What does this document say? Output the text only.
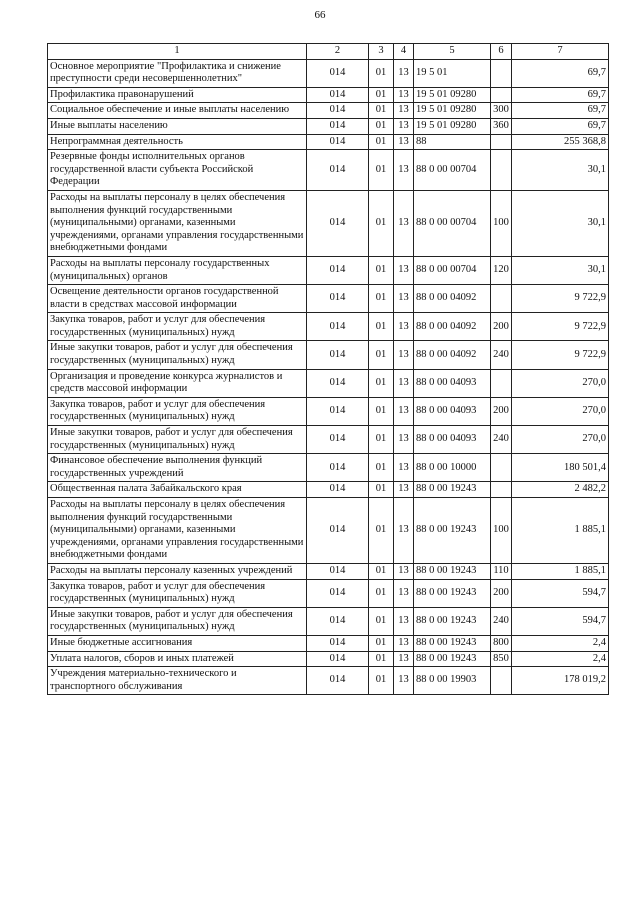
66
1	2	3	4	5	6	7
Основное мероприятие "Профилактика и снижение преступности среди несовершеннолетних"	014	01	13	19 5 01		69,7
Профилактика правонарушений	014	01	13	19 5 01 09280		69,7
Социальное обеспечение и иные выплаты населению	014	01	13	19 5 01 09280	300	69,7
Иные выплаты населению	014	01	13	19 5 01 09280	360	69,7
Непрограммная деятельность	014	01	13	88		255 368,8
Резервные фонды исполнительных органов государственной власти субъекта Российской Федерации	014	01	13	88 0 00 00704		30,1
Расходы на выплаты персоналу в целях обеспечения выполнения функций государственными (муниципальными) органами, казенными учреждениями, органами управления государственными внебюджетными фондами	014	01	13	88 0 00 00704	100	30,1
Расходы на выплаты персоналу государственных (муниципальных) органов	014	01	13	88 0 00 00704	120	30,1
Освещение деятельности органов государственной власти в средствах массовой информации	014	01	13	88 0 00 04092		9 722,9
Закупка товаров, работ и услуг для обеспечения государственных (муниципальных) нужд	014	01	13	88 0 00 04092	200	9 722,9
Иные закупки товаров, работ и услуг для обеспечения государственных (муниципальных) нужд	014	01	13	88 0 00 04092	240	9 722,9
Организация и проведение конкурса журналистов и средств массовой информации	014	01	13	88 0 00 04093		270,0
Закупка товаров, работ и услуг для обеспечения государственных (муниципальных) нужд	014	01	13	88 0 00 04093	200	270,0
Иные закупки товаров, работ и услуг для обеспечения государственных (муниципальных) нужд	014	01	13	88 0 00 04093	240	270,0
Финансовое обеспечение выполнения функций государственных учреждений	014	01	13	88 0 00 10000		180 501,4
Общественная палата Забайкальского края	014	01	13	88 0 00 19243		2 482,2
Расходы на выплаты персоналу в целях обеспечения выполнения функций государственными (муниципальными) органами, казенными учреждениями, органами управления государственными внебюджетными фондами	014	01	13	88 0 00 19243	100	1 885,1
Расходы на выплаты персоналу казенных учреждений	014	01	13	88 0 00 19243	110	1 885,1
Закупка товаров, работ и услуг для обеспечения государственных (муниципальных) нужд	014	01	13	88 0 00 19243	200	594,7
Иные закупки товаров, работ и услуг для обеспечения государственных (муниципальных) нужд	014	01	13	88 0 00 19243	240	594,7
Иные бюджетные ассигнования	014	01	13	88 0 00 19243	800	2,4
Уплата налогов, сборов и иных платежей	014	01	13	88 0 00 19243	850	2,4
Учреждения материально-технического и транспортного обслуживания	014	01	13	88 0 00 19903		178 019,2
